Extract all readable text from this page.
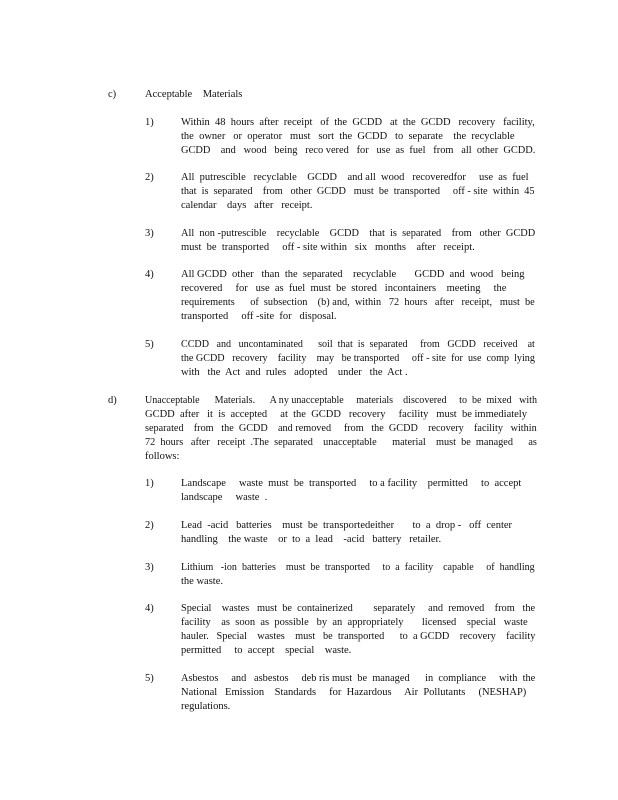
c)	Acceptable    Materials
1)	Within  48  hours  after  receipt   of  the  GCDD   at  the  GCDD   recovery   facility,
the  owner   or  operator   must   sort  the  GCDD   to  separate    the  recyclable
GCDD    and   wood   being   reco vered   for   use  as  fuel   from   all  other  GCDD.
2)	All  putrescible   recyclable    GCDD    and all  wood   recoveredfor     use  as  fuel
that  is  separated    from   other  GCDD   must  be  transported     off - site  within  45
calendar    days   after   receipt.
3)	All  non -putrescible    recyclable    GCDD    that  is  separated    from   other  GCDD
must  be  transported     off - site within   six   months    after   receipt.
4)	All GCDD  other   than  the  separated    recyclable       GCDD  and  wood   being
recovered     for   use  as  fuel  must  be  stored   incontainers    meeting     the
requirements      of  subsection    (b) and,  within   72  hours   after   receipt,   must  be
transported     off -site  for   disposal.
5)	CCDD   and   uncontaminated      soil  that  is  separated     from   GCDD   received    at
the GCDD   recovery    facility    may   be transported     off - site  for  use  comp  lying
with   the  Act  and  rules   adopted    under   the  Act .
d)	Unacceptable      Materials.      A ny unacceptable     materials    discovered     to  be  mixed   with
GCDD  after   it  is  accepted     at  the  GCDD   recovery     facility   must  be immediately
separated    from   the  GCDD    and removed     from   the  GCDD    recovery    facility   within
72  hours   after   receipt  .The  separated    unacceptable      material    must  be  managed      as
follows:
1)	Landscape     waste  must  be  transported     to a facility    permitted     to  accept
landscape     waste  .
2)	Lead  -acid   batteries    must  be  transportedeither       to  a  drop -   off  center
handling    the waste    or  to  a  lead    -acid   battery   retailer.
3)	Lithium   -ion  batteries    must  be  transported     to  a  facility    capable     of  handling
the waste.
4)	Special    wastes   must  be  containerized        separately     and  removed    from   the
facility    as  soon  as  possible   by  an  appropriately       licensed    special   waste
hauler.   Special    wastes    must   be  transported      to  a GCDD    recovery    facility
permitted     to  accept    special    waste.
5)	Asbestos     and   asbestos     deb ris must  be  managed      in  compliance     with  the
National   Emission    Standards     for  Hazardous     Air  Pollutants     (NESHAP)
regulations.
